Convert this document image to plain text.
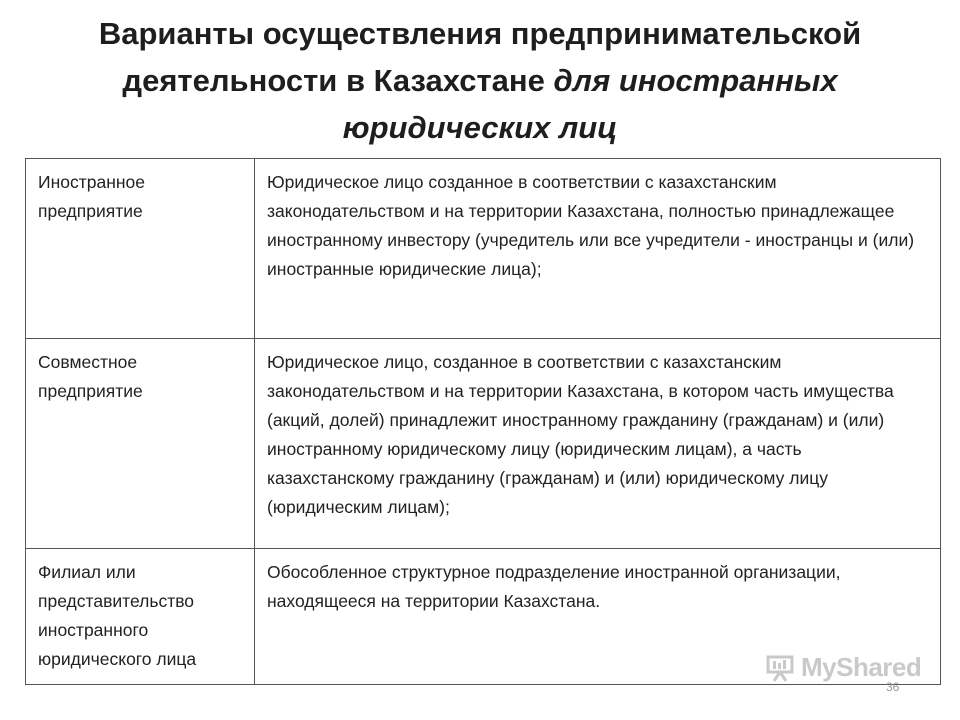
Варианты осуществления предпринимательской деятельности в Казахстане для иностранных юридических лиц
Иностранное предприятие	Юридическое лицо созданное в соответствии с казахстанским законодательством и на территории Казахстана, полностью принадлежащее иностранному инвестору (учредитель или все учредители - иностранцы и (или) иностранные юридические лица);
Совместное предприятие	Юридическое лицо, созданное в соответствии с казахстанским законодательством и на территории Казахстана, в котором часть имущества (акций, долей) принадлежит иностранному гражданину (гражданам) и (или) иностранному юридическому лицу (юридическим лицам), а часть казахстанскому гражданину (гражданам) и (или) юридическому лицу (юридическим лицам);
Филиал или представительство иностранного юридического лица	Обособленное структурное подразделение иностранной организации, находящееся на территории Казахстана.
MyShared
36
